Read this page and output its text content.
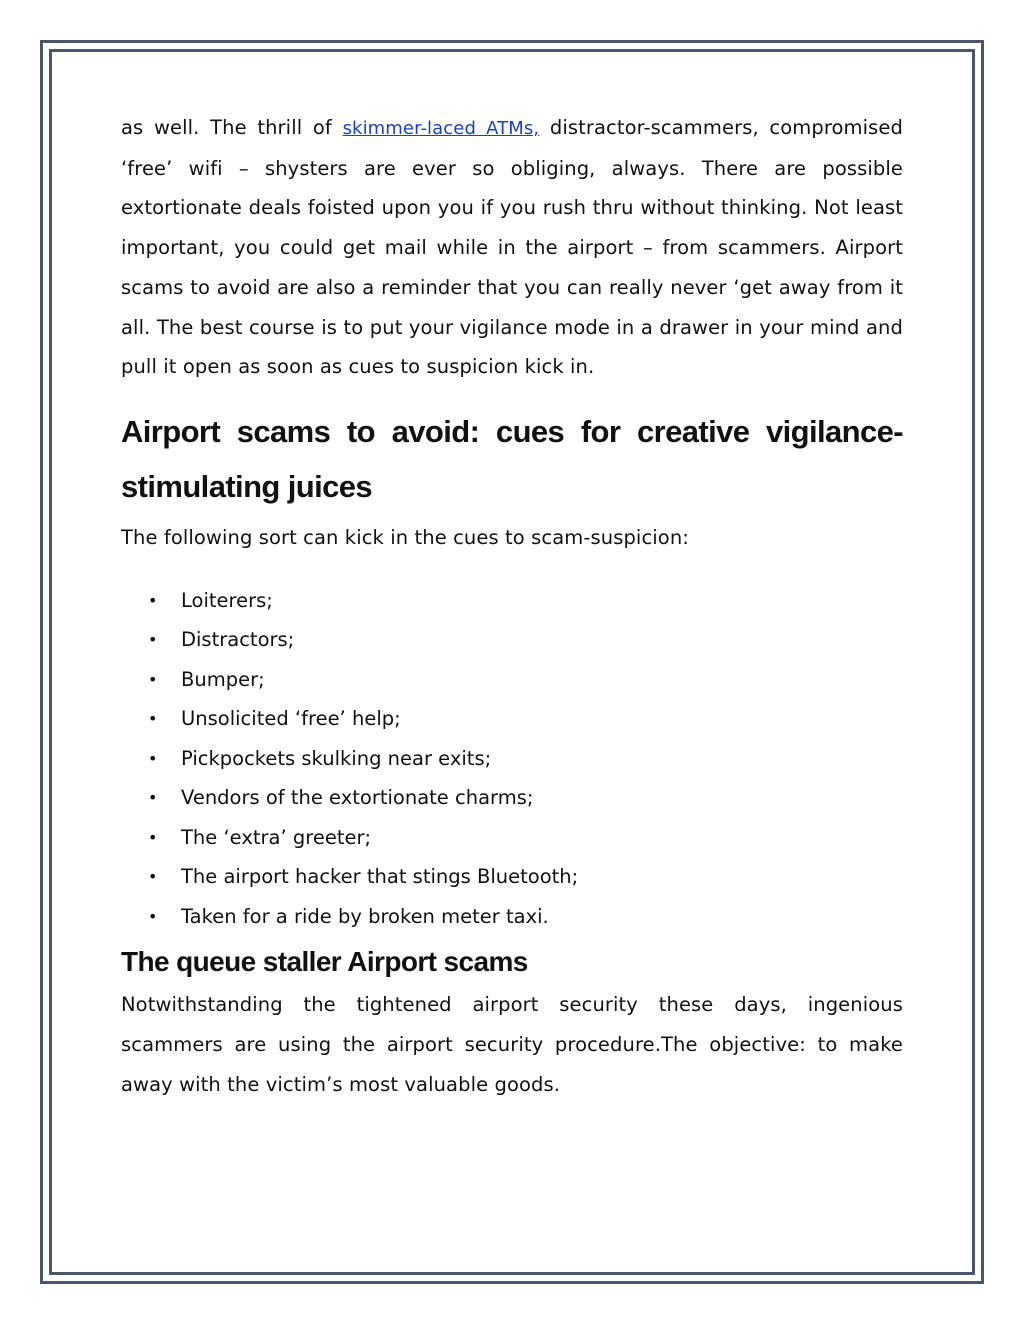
as well. The thrill of skimmer-laced ATMs, distractor-scammers, compromised ‘free’ wifi – shysters are ever so obliging, always. There are possible extortionate deals foisted upon you if you rush thru without thinking. Not least important, you could get mail while in the airport – from scammers. Airport scams to avoid are also a reminder that you can really never ‘get away from it all. The best course is to put your vigilance mode in a drawer in your mind and pull it open as soon as cues to suspicion kick in.

Airport scams to avoid: cues for creative vigilance-stimulating juices

The following sort can kick in the cues to scam-suspicion:

• Loiterers;
• Distractors;
• Bumper;
• Unsolicited ‘free’ help;
• Pickpockets skulking near exits;
• Vendors of the extortionate charms;
• The ‘extra’ greeter;
• The airport hacker that stings Bluetooth;
• Taken for a ride by broken meter taxi.
The queue staller Airport scams

Notwithstanding the tightened airport security these days, ingenious scammers are using the airport security procedure.The objective: to make away with the victim’s most valuable goods.
